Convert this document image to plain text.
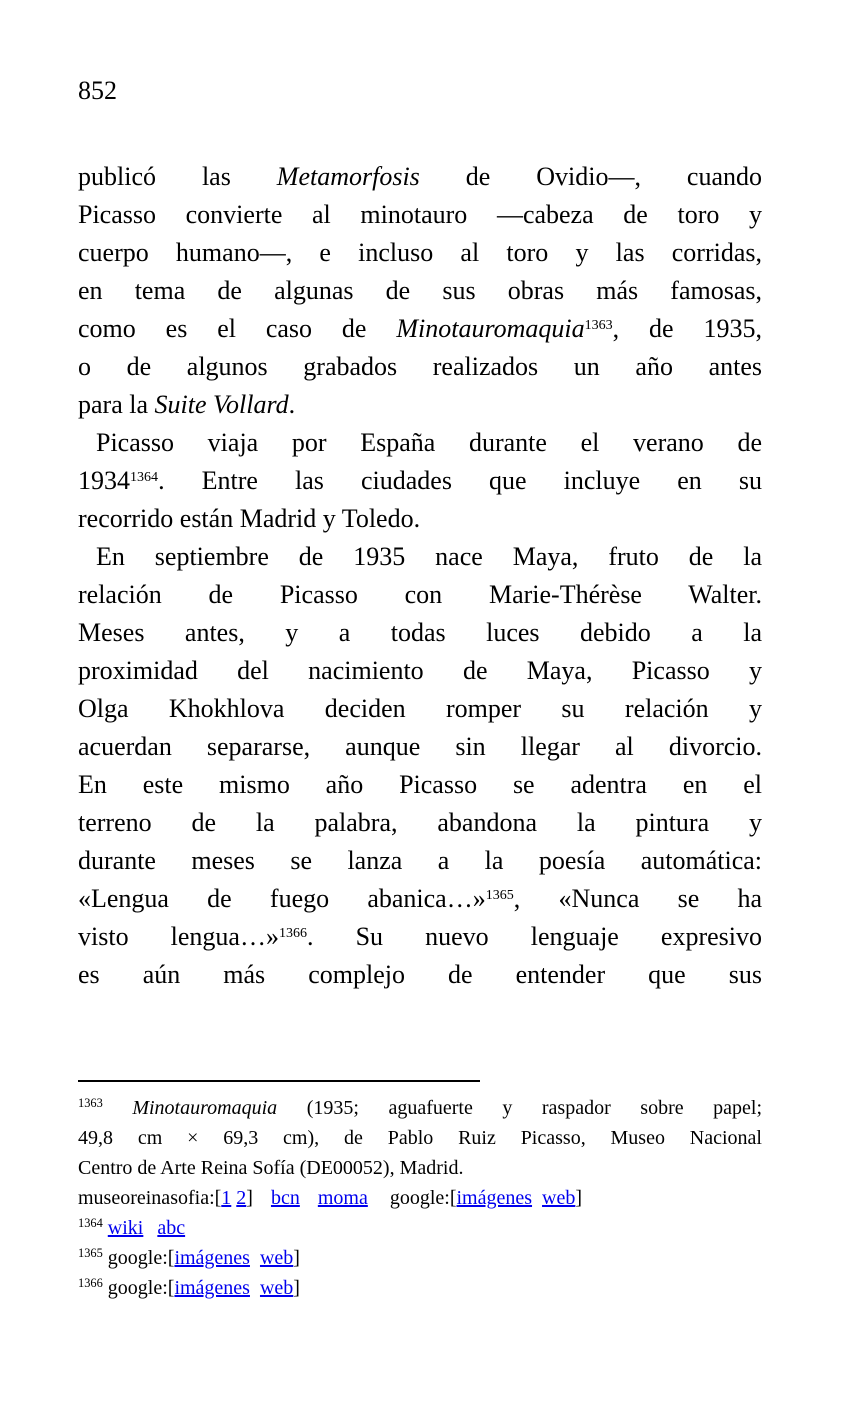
852
publicó las Metamorfosis de Ovidio—, cuando
Picasso convierte al minotauro —cabeza de toro y
cuerpo humano—, e incluso al toro y las corridas,
en tema de algunas de sus obras más famosas,
como es el caso de Minotauromaquia$^{1363}$, de 1935,
o de algunos grabados realizados un año antes
para la Suite Vollard.
Picasso viaja por España durante el verano de
$1934^{1364}$. Entre las ciudades que incluye en su
recorrido están Madrid y Toledo.
En septiembre de 1935 nace Maya, fruto de la
relación de Picasso con Marie-Thérèse Walter.
Meses antes, y a todas luces debido a la
proximidad del nacimiento de Maya, Picasso y
Olga Khokhlova deciden romper su relación y
acuerdan separarse, aunque sin llegar al divorcio.
En este mismo año Picasso se adentra en el
terreno de la palabra, abandona la pintura y
durante meses se lanza a la poesía automática:
«Lengua de fuego abanica…»$^{1365}$, «Nunca se ha
visto lengua…»$^{1366}$. Su nuevo lenguaje expresivo
es aún más complejo de entender que sus
$^{1363}$ Minotauromaquia (1935; aguafuerte y raspador sobre papel;
49,8 cm × 69,3 cm), de Pablo Ruiz Picasso, Museo Nacional
Centro de Arte Reina Sofía (DE00052), Madrid.
museoreinasofia:[1 2] bcn moma google:[imágenes web]
$^{1364}$ wiki abc
$^{1365}$ google:[imágenes web]
$^{1366}$ google:[imágenes web]
